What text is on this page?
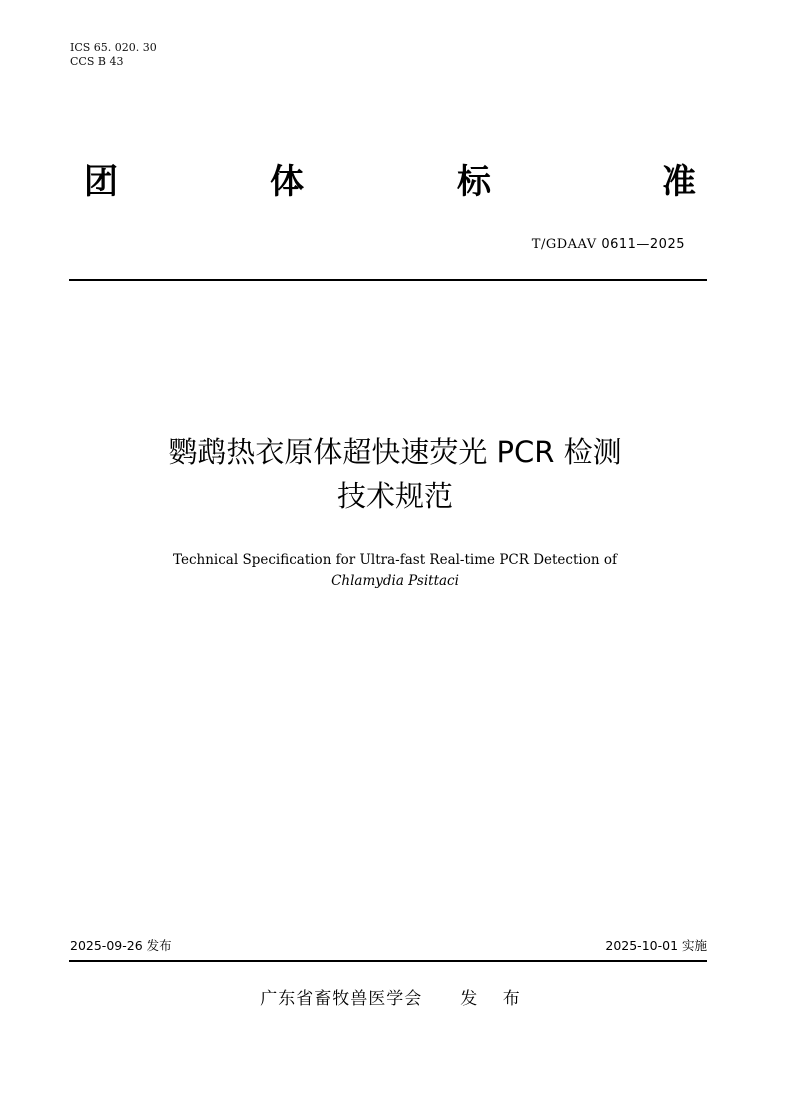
ICS 65. 020. 30
CCS B 43
团	体	标	准
T/GDAAV 0611—2025
鹦鹉热衣原体超快速荧光 PCR 检测
技术规范
Technical Specification for Ultra-fast Real-time PCR Detection of
Chlamydia Psittaci
2025-09-26 发布	2025-10-01 实施
广东省畜牧兽医学会 发 布
